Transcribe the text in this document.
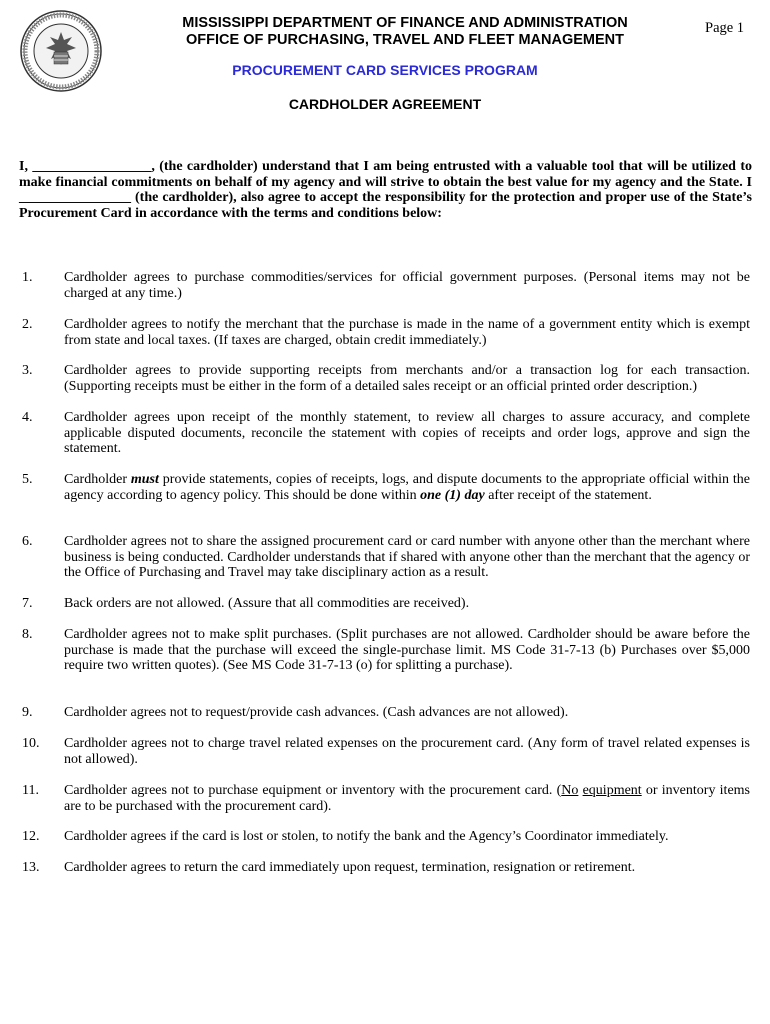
MISSISSIPPI DEPARTMENT OF FINANCE AND ADMINISTRATION
OFFICE OF PURCHASING, TRAVEL AND FLEET MANAGEMENT
Page 1
PROCUREMENT CARD SERVICES PROGRAM
CARDHOLDER AGREEMENT
I, _________________, (the cardholder) understand that I am being entrusted with a valuable tool that will be utilized to make financial commitments on behalf of my agency and will strive to obtain the best value for my agency and the State. I ________________ (the cardholder), also agree to accept the responsibility for the protection and proper use of the State’s Procurement Card in accordance with the terms and conditions below:
1.	Cardholder agrees to purchase commodities/services for official government purposes. (Personal items may not be charged at any time.)
2.	Cardholder agrees to notify the merchant that the purchase is made in the name of a government entity which is exempt from state and local taxes. (If taxes are charged, obtain credit immediately.)
3.	Cardholder agrees to provide supporting receipts from merchants and/or a transaction log for each transaction. (Supporting receipts must be either in the form of a detailed sales receipt or an official printed order description.)
4.	Cardholder agrees upon receipt of the monthly statement, to review all charges to assure accuracy, and complete applicable disputed documents, reconcile the statement with copies of receipts and order logs, approve and sign the statement.
5.	Cardholder must provide statements, copies of receipts, logs, and dispute documents to the appropriate official within the agency according to agency policy. This should be done within one (1) day after receipt of the statement.
6.	Cardholder agrees not to share the assigned procurement card or card number with anyone other than the merchant where business is being conducted. Cardholder understands that if shared with anyone other than the merchant that the agency or the Office of Purchasing and Travel may take disciplinary action as a result.
7.	Back orders are not allowed. (Assure that all commodities are received).
8.	Cardholder agrees not to make split purchases. (Split purchases are not allowed. Cardholder should be aware before the purchase is made that the purchase will exceed the single-purchase limit. MS Code 31-7-13 (b) Purchases over $5,000 require two written quotes). (See MS Code 31-7-13 (o) for splitting a purchase).
9.	Cardholder agrees not to request/provide cash advances. (Cash advances are not allowed).
10.	Cardholder agrees not to charge travel related expenses on the procurement card. (Any form of travel related expenses is not allowed).
11.	Cardholder agrees not to purchase equipment or inventory with the procurement card. (No equipment or inventory items are to be purchased with the procurement card).
12.	Cardholder agrees if the card is lost or stolen, to notify the bank and the Agency’s Coordinator immediately.
13.	Cardholder agrees to return the card immediately upon request, termination, resignation or retirement.
